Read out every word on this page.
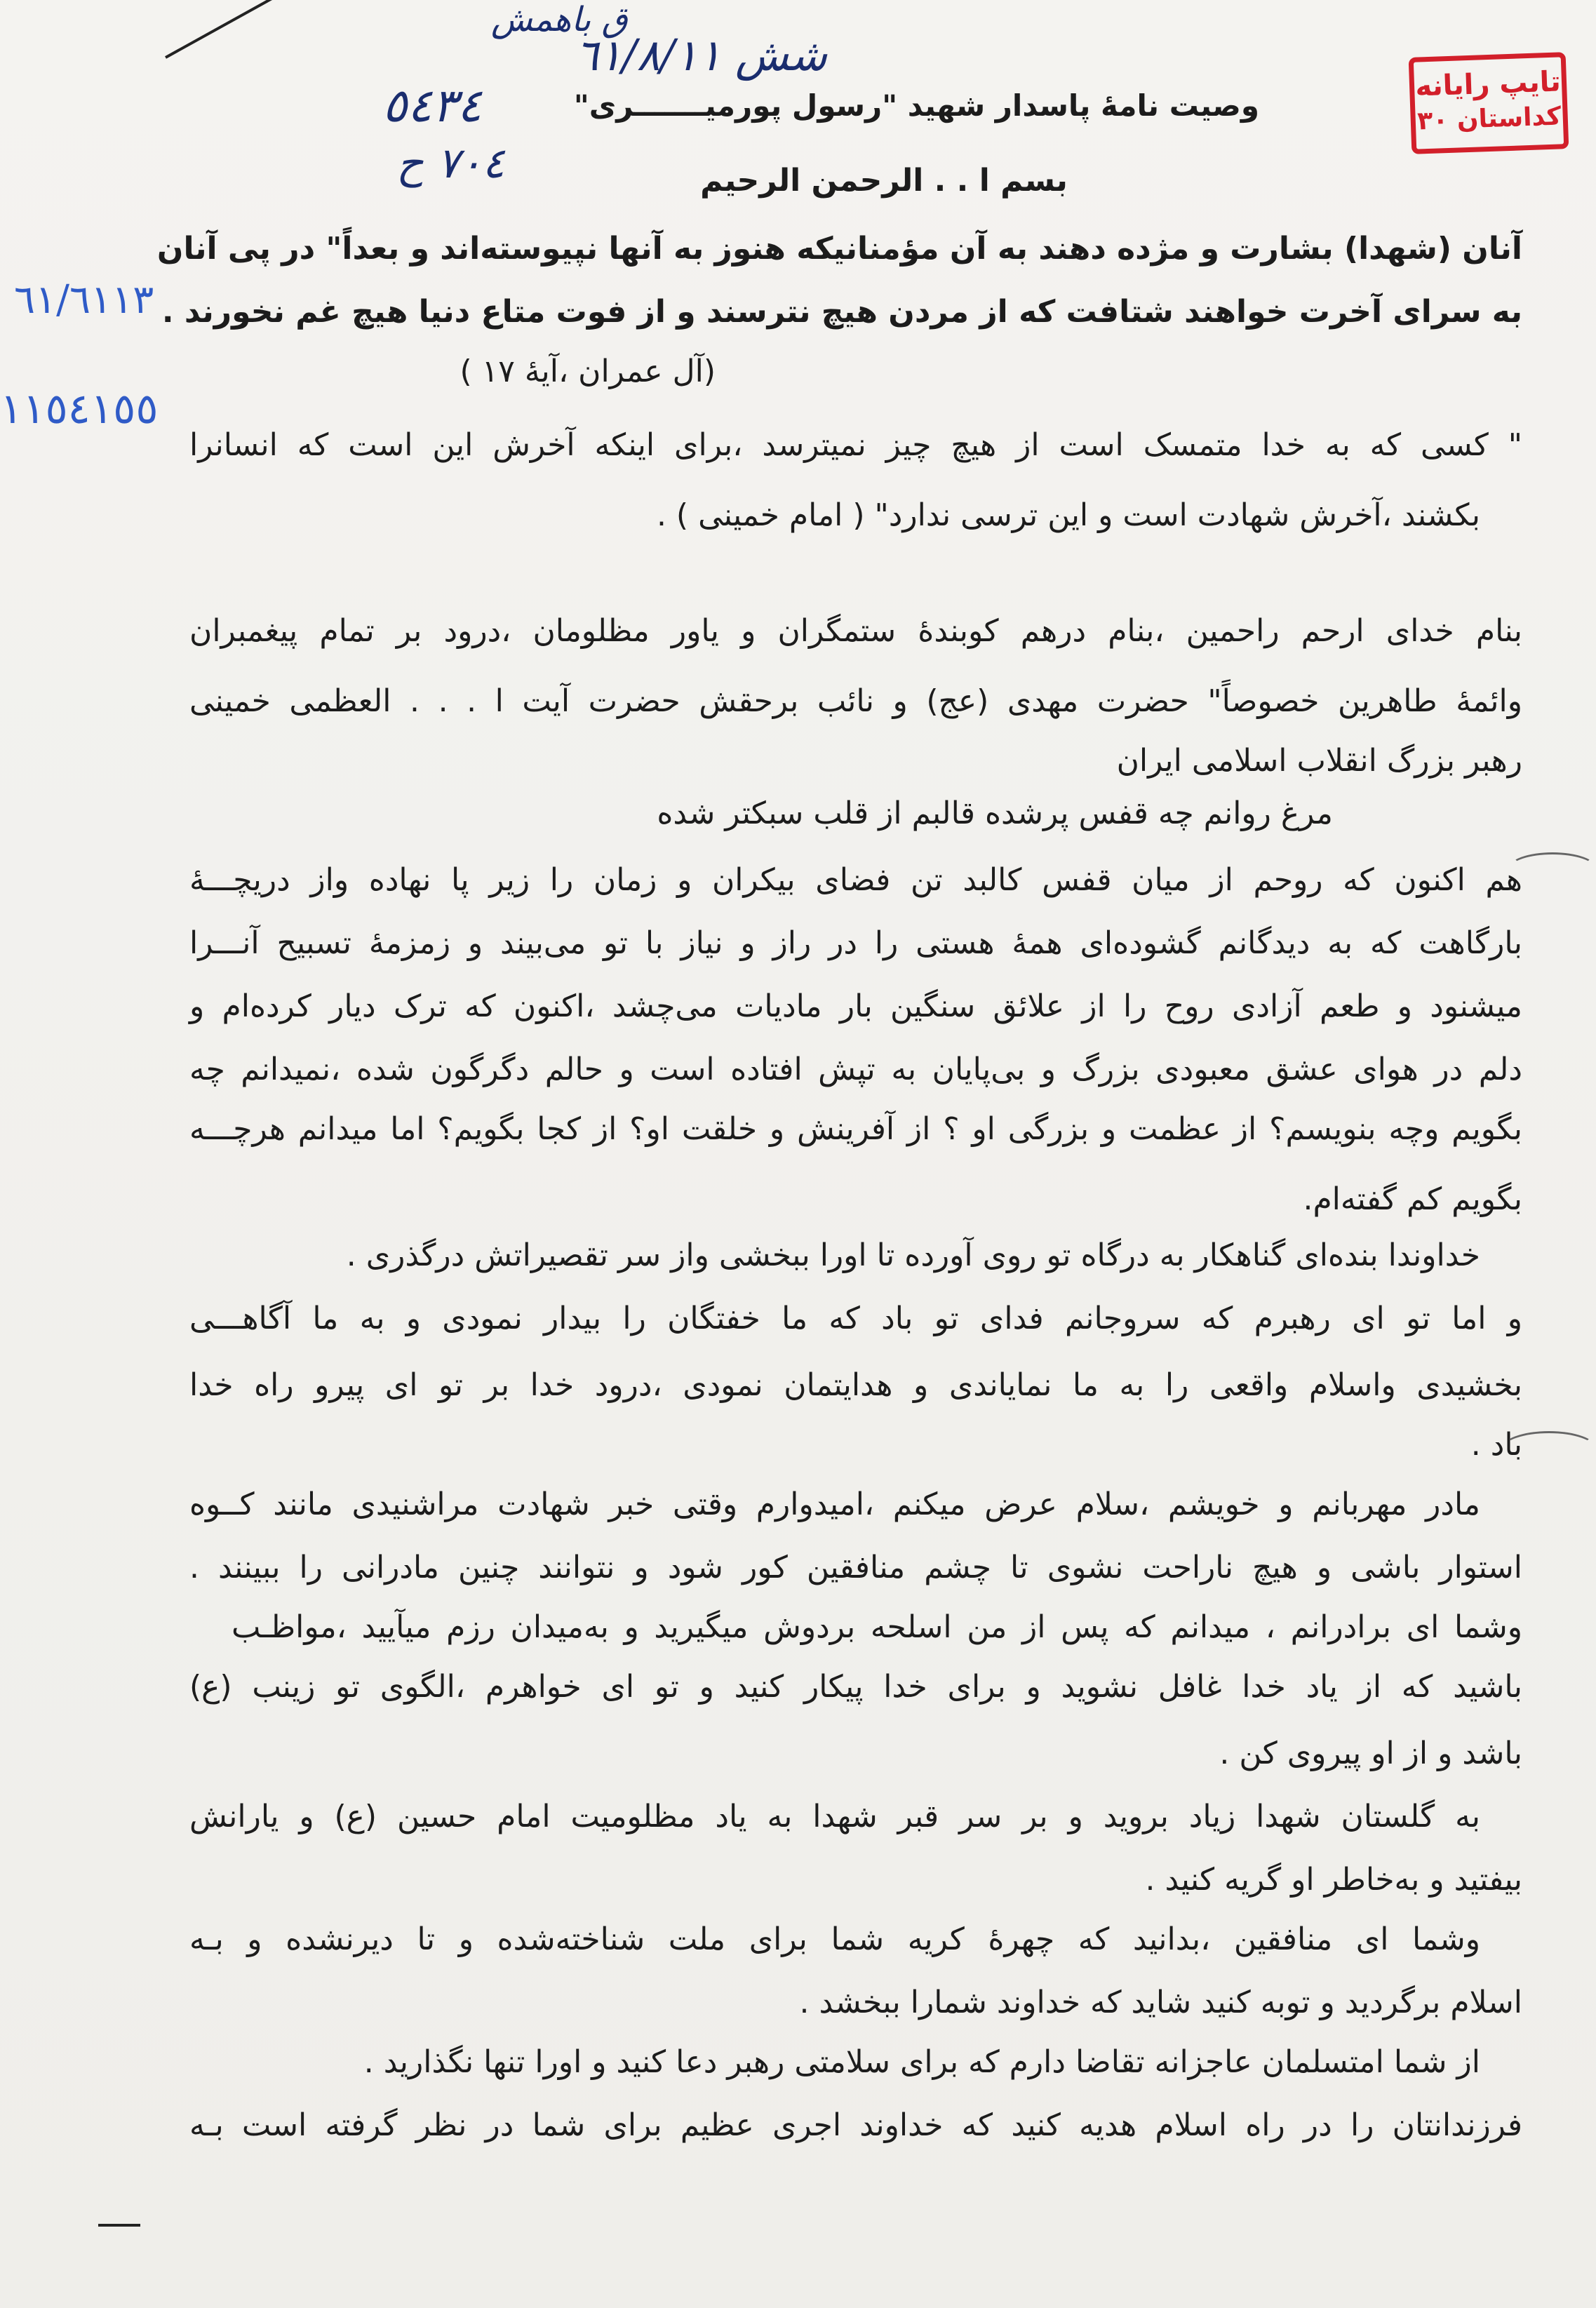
ق باهمش
شش ٦١/٨/١١
٥٤٣٤
٧٠٤ ح
٦١/٦١١٣
١١٥٤١٥٥
تایپ رایانه
کداستان ۳۰
وصیت نامهٔ پاسدار شهید "رسول پورمیـــــــری"
بسم ا . . الرحمن الرحیم
آنان (شهدا) بشارت و مژده دهند به آن مؤمنانیکه هنوز به آنها نپیوسته‌اند و بعداً" در پی آنان
به سرای آخرت خواهند شتافت که از مردن هیچ نترسند و از فوت متاع دنیا هیچ غم نخورند .
(آل عمران ،آیهٔ ۱۷ )
" کسی که به خدا متمسک است از هیچ چیز نمیترسد ،برای اینکه آخرش این است که انسانرا
بکشند ،آخرش شهادت است و این ترسی ندارد" ( امام خمینی ) .
بنام خدای ارحم راحمین ،بنام درهم کوبندهٔ ستمگران و یاور مظلومان ،درود بر تمام پیغمبران
وائمهٔ طاهرین خصوصاً" حضرت مهدی (عج) و نائب برحقش حضرت آیت ا . . . العظمی خمینی
رهبر بزرگ انقلاب اسلامی ایران
مرغ روانم چه قفس پرشده قالبم از قلب سبکتر شده
هم اکنون که روحم از میان قفس کالبد تن فضای بیکران و زمان را زیر پا نهاده واز دریچـــهٔ
بارگاهت که به دیدگانم گشوده‌ای همهٔ هستی را در راز و نیاز با تو می‌بیند و زمزمهٔ تسبیح آنـــرا
میشنود و طعم آزادی روح را از علائق سنگین بار مادیات می‌چشد ،اکنون که ترک دیار کرده‌ام و
دلم در هوای عشق معبودی بزرگ و بی‌پایان به تپش افتاده است و حالم دگرگون شده ،نمیدانم چه
بگویم وچه بنویسم؟ از عظمت و بزرگی او ؟ از آفرینش و خلقت او؟ از کجا بگویم؟ اما میدانم هرچـــه
بگویم کم گفته‌ام.
خداوندا بنده‌ای گناهکار به درگاه تو روی آورده تا اورا ببخشی واز سر تقصیراتش درگذری .
و اما تو ای رهبرم که سروجانم فدای تو باد که ما خفتگان را بیدار نمودی و به ما آگاهـــی
بخشیدی واسلام واقعی را به ما نماياندی و هدایتمان نمودی ،درود خدا بر تو ای پیرو راه خدا
باد .
مادر مهربانم و خویشم ،سلام عرض میکنم ،امیدوارم وقتی خبر شهادت مراشنیدی مانند کــوه
استوار باشی و هیچ ناراحت نشوی تا چشم منافقین کور شود و نتوانند چنین مادرانی را ببینند .
وشما ای برادرانم ، میدانم که پس از من اسلحه بردوش میگیرید و به‌میدان رزم میآیید ،مواظـب
باشید که از یاد خدا غافل نشوید و برای خدا پیکار کنید و تو ای خواهرم ،الگوی تو زینب (ع)
باشد و از او پیروی کن .
به گلستان شهدا زیاد بروید و بر سر قبر شهدا به یاد مظلومیت امام حسین (ع) و یارانش
بیفتید و به‌خاطر او گریه کنید .
وشما ای منافقین ،بدانید که چهرهٔ کریه شما برای ملت شناخته‌شده و تا دیرنشده و بـه
اسلام برگردید و توبه کنید شاید که خداوند شمارا ببخشد .
از شما امتسلمان عاجزانه تقاضا دارم که برای سلامتی رهبر دعا کنید و اورا تنها نگذارید .
فرزندانتان را در راه اسلام هدیه کنید که خداوند اجری عظیم برای شما در نظر گرفته است بـه
